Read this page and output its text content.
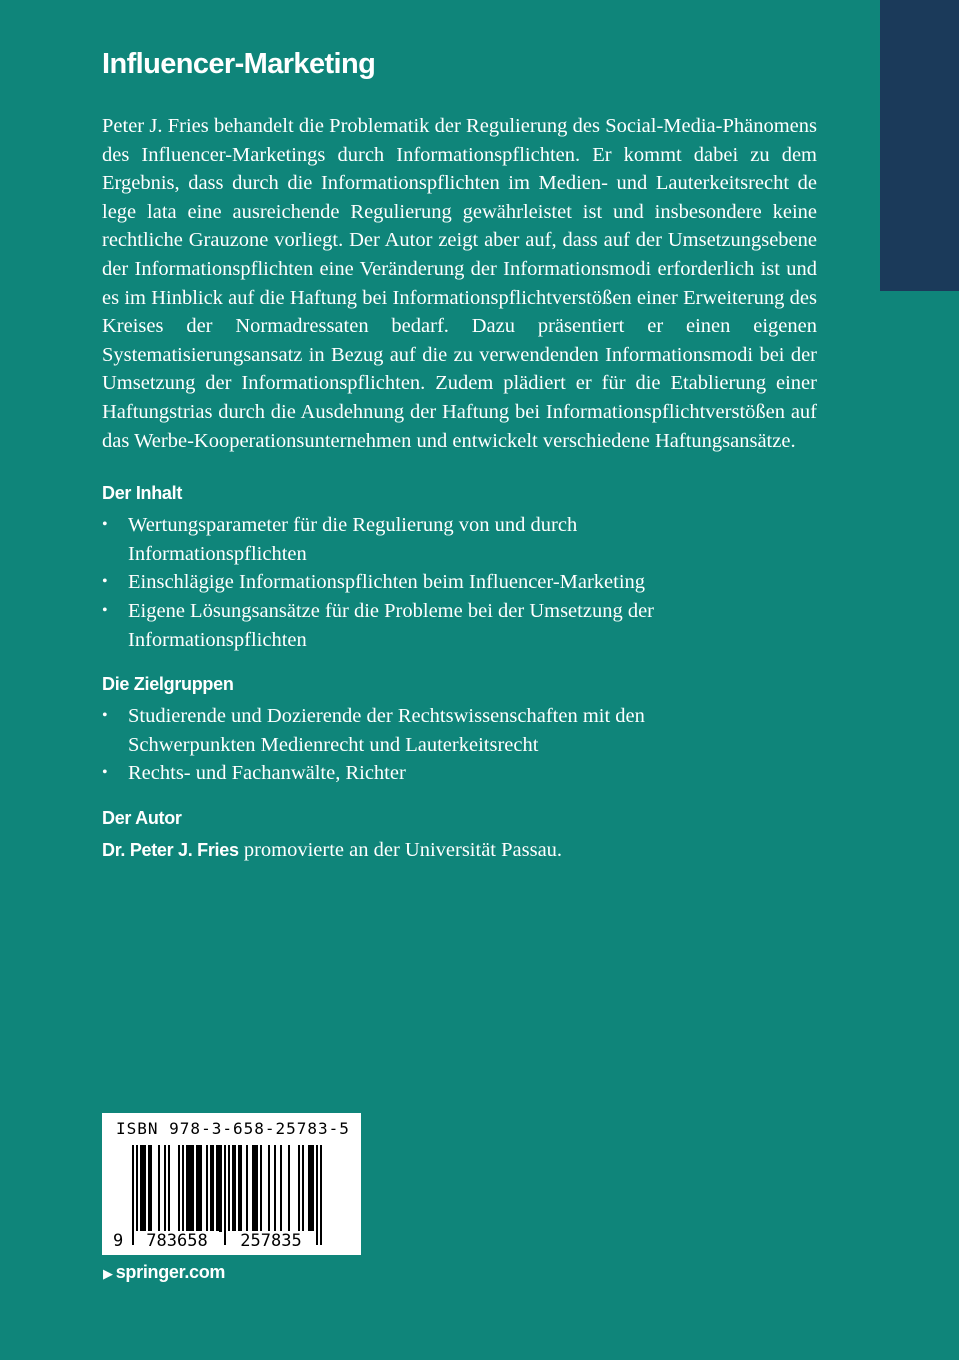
Influencer-Marketing

Peter J. Fries behandelt die Problematik der Regulierung des Social-Media-Phänomens des Influencer-Marketings durch Informationspflichten. Er kommt dabei zu dem Ergebnis, dass durch die Informationspflichten im Medien- und Lauterkeitsrecht de lege lata eine ausreichende Regulierung gewährleistet ist und insbesondere keine rechtliche Grauzone vorliegt. Der Autor zeigt aber auf, dass auf der Umsetzungsebene der Informationspflichten eine Veränderung der Informationsmodi erforderlich ist und es im Hinblick auf die Haftung bei Informationspflichtverstößen einer Erweiterung des Kreises der Normadressaten bedarf. Dazu präsentiert er einen eigenen Systematisierungsansatz in Bezug auf die zu verwendenden Informationsmodi bei der Umsetzung der Informationspflichten. Zudem plädiert er für die Etablierung einer Haftungstrias durch die Ausdehnung der Haftung bei Informationspflichtverstößen auf das Werbe-Kooperationsunternehmen und entwickelt verschiedene Haftungsansätze.

Der Inhalt
• Wertungsparameter für die Regulierung von und durch Informationspflichten
• Einschlägige Informationspflichten beim Influencer-Marketing
• Eigene Lösungsansätze für die Probleme bei der Umsetzung der Informationspflichten
Die Zielgruppen
• Studierende und Dozierende der Rechtswissenschaften mit den Schwerpunkten Medienrecht und Lauterkeitsrecht
• Rechts- und Fachanwälte, Richter
Der Autor

Dr. Peter J. Fries promovierte an der Universität Passau.

ISBN 978-3-658-25783-5
9	783658	257835
▶ springer.com
